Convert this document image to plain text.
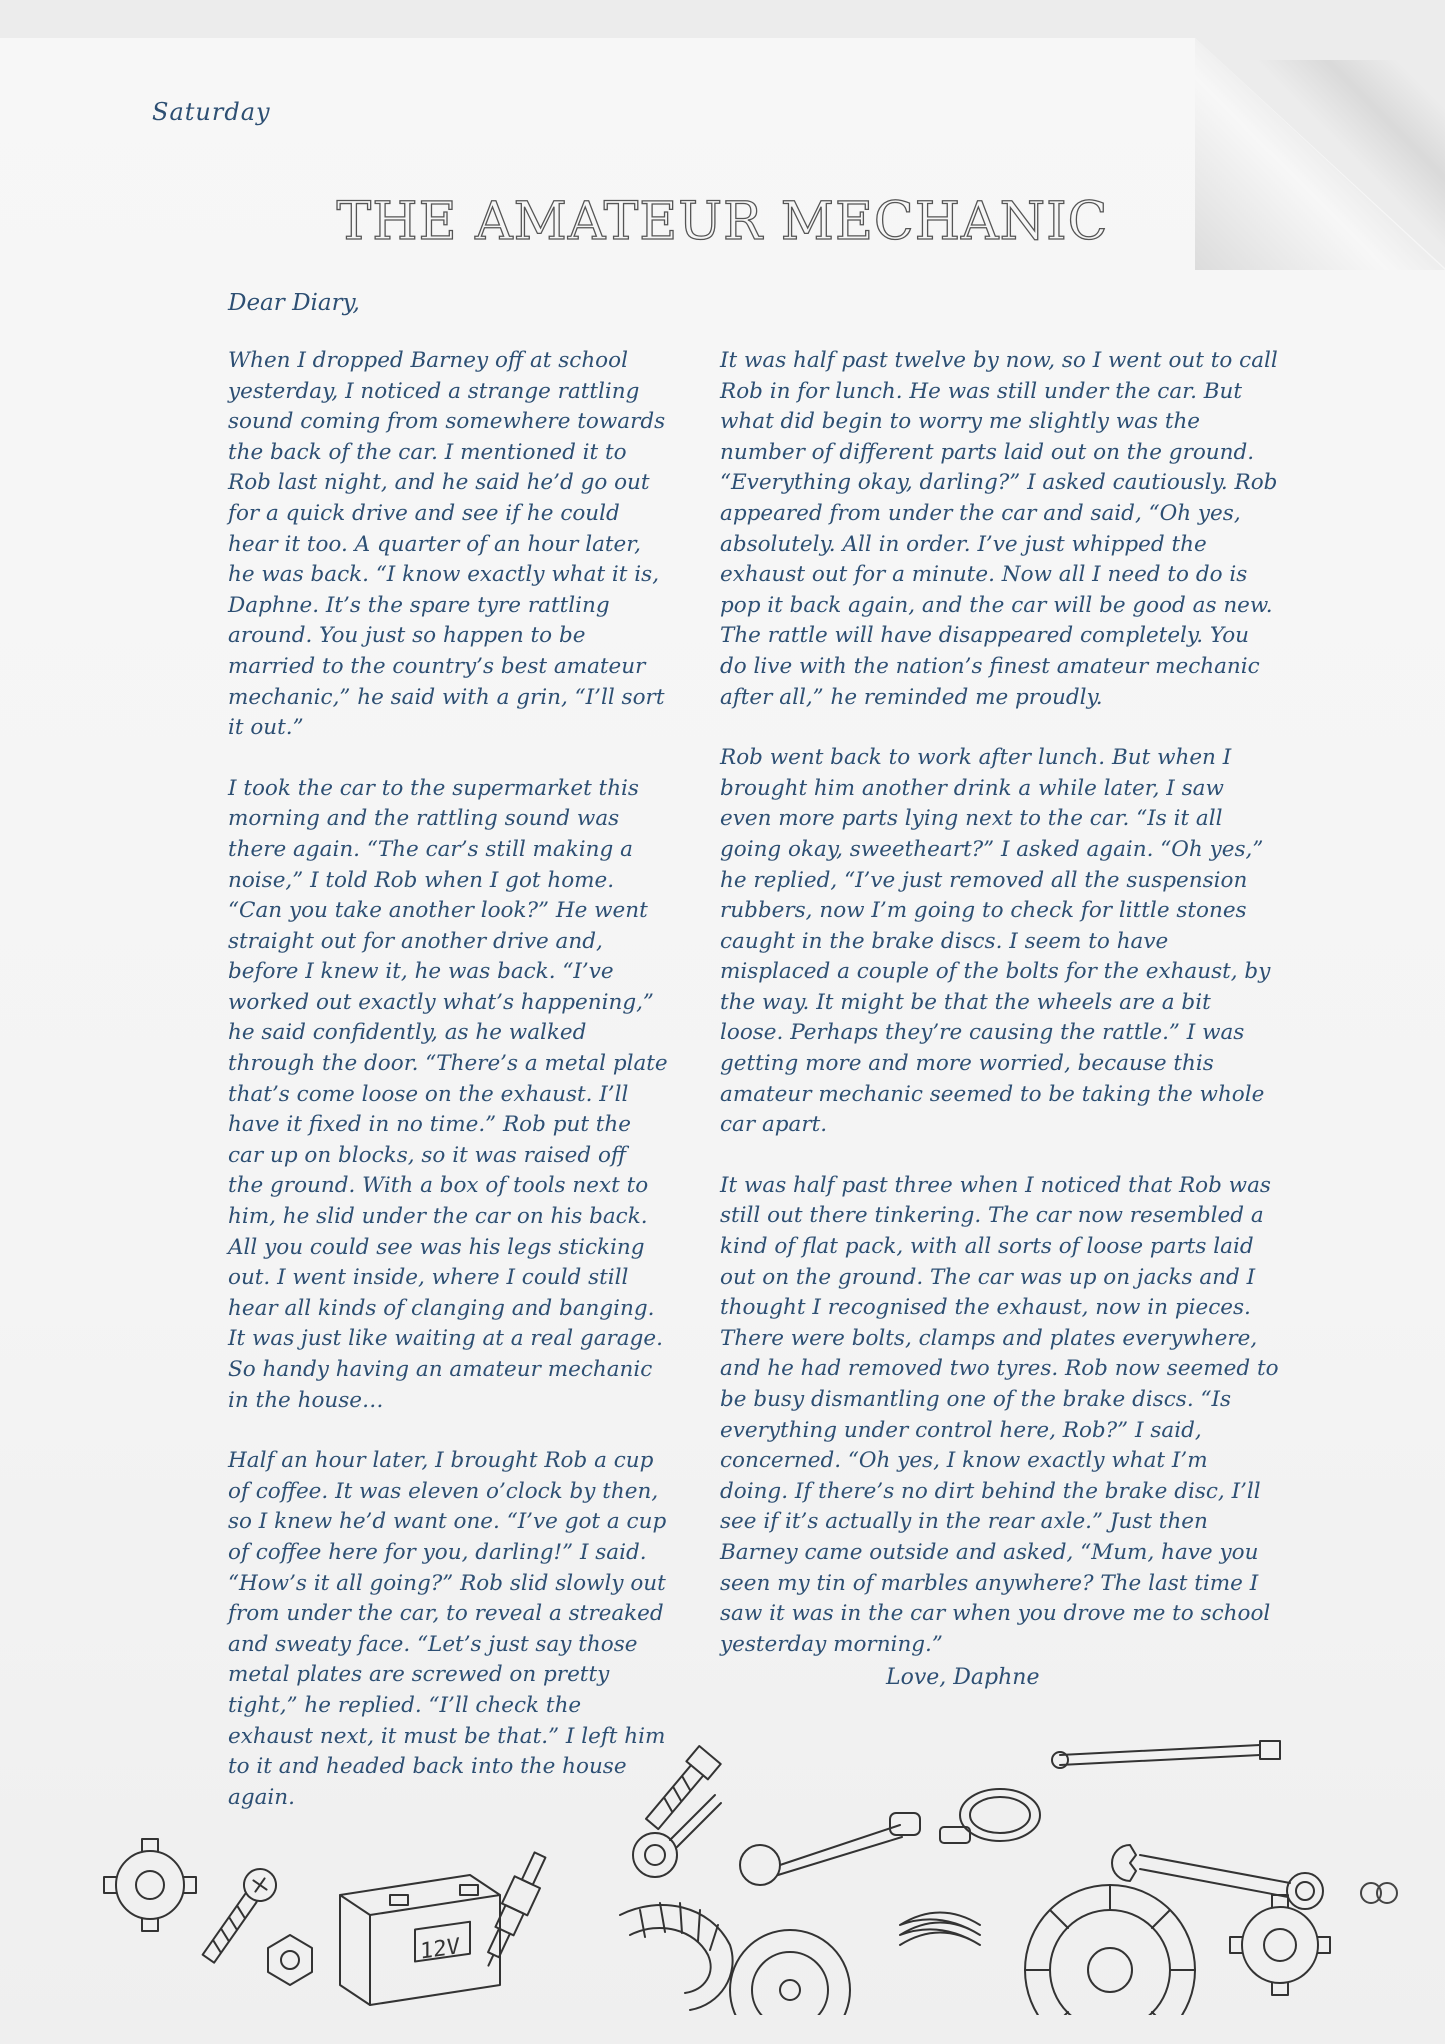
Saturday
THE AMATEUR MECHANIC
Dear Diary,

When I dropped Barney off at school yesterday, I noticed a strange rattling sound coming from somewhere towards the back of the car. I mentioned it to Rob last night, and he said he’d go out for a quick drive and see if he could hear it too. A quarter of an hour later, he was back. “I know exactly what it is, Daphne. It’s the spare tyre rattling around. You just so happen to be married to the country’s best amateur mechanic,” he said with a grin, “I’ll sort it out.”

I took the car to the supermarket this morning and the rattling sound was there again. “The car’s still making a noise,” I told Rob when I got home. “Can you take another look?” He went straight out for another drive and, before I knew it, he was back. “I’ve worked out exactly what’s happening,” he said confidently, as he walked through the door. “There’s a metal plate that’s come loose on the exhaust. I’ll have it fixed in no time.” Rob put the car up on blocks, so it was raised off the ground. With a box of tools next to him, he slid under the car on his back. All you could see was his legs sticking out. I went inside, where I could still hear all kinds of clanging and banging. It was just like waiting at a real garage. So handy having an amateur mechanic in the house…

Half an hour later, I brought Rob a cup of coffee. It was eleven o’clock by then, so I knew he’d want one. “I’ve got a cup of coffee here for you, darling!” I said. “How’s it all going?” Rob slid slowly out from under the car, to reveal a streaked and sweaty face. “Let’s just say those metal plates are screwed on pretty tight,” he replied. “I’ll check the exhaust next, it must be that.” I left him to it and headed back into the house again.

It was half past twelve by now, so I went out to call Rob in for lunch. He was still under the car. But what did begin to worry me slightly was the number of different parts laid out on the ground. “Everything okay, darling?” I asked cautiously. Rob appeared from under the car and said, “Oh yes, absolutely. All in order. I’ve just whipped the exhaust out for a minute. Now all I need to do is pop it back again, and the car will be good as new. The rattle will have disappeared completely. You do live with the nation’s finest amateur mechanic after all,” he reminded me proudly.

Rob went back to work after lunch. But when I brought him another drink a while later, I saw even more parts lying next to the car. “Is it all going okay, sweetheart?” I asked again. “Oh yes,” he replied, “I’ve just removed all the suspension rubbers, now I’m going to check for little stones caught in the brake discs. I seem to have misplaced a couple of the bolts for the exhaust, by the way. It might be that the wheels are a bit loose. Perhaps they’re causing the rattle.” I was getting more and more worried, because this amateur mechanic seemed to be taking the whole car apart.

It was half past three when I noticed that Rob was still out there tinkering. The car now resembled a kind of flat pack, with all sorts of loose parts laid out on the ground. The car was up on jacks and I thought I recognised the exhaust, now in pieces. There were bolts, clamps and plates everywhere, and he had removed two tyres. Rob now seemed to be busy dismantling one of the brake discs. “Is everything under control here, Rob?” I said, concerned. “Oh yes, I know exactly what I’m doing. If there’s no dirt behind the brake disc, I’ll see if it’s actually in the rear axle.” Just then Barney came outside and asked, “Mum, have you seen my tin of marbles anywhere? The last time I saw it was in the car when you drove me to school yesterday morning.”

Love, Daphne
12V
